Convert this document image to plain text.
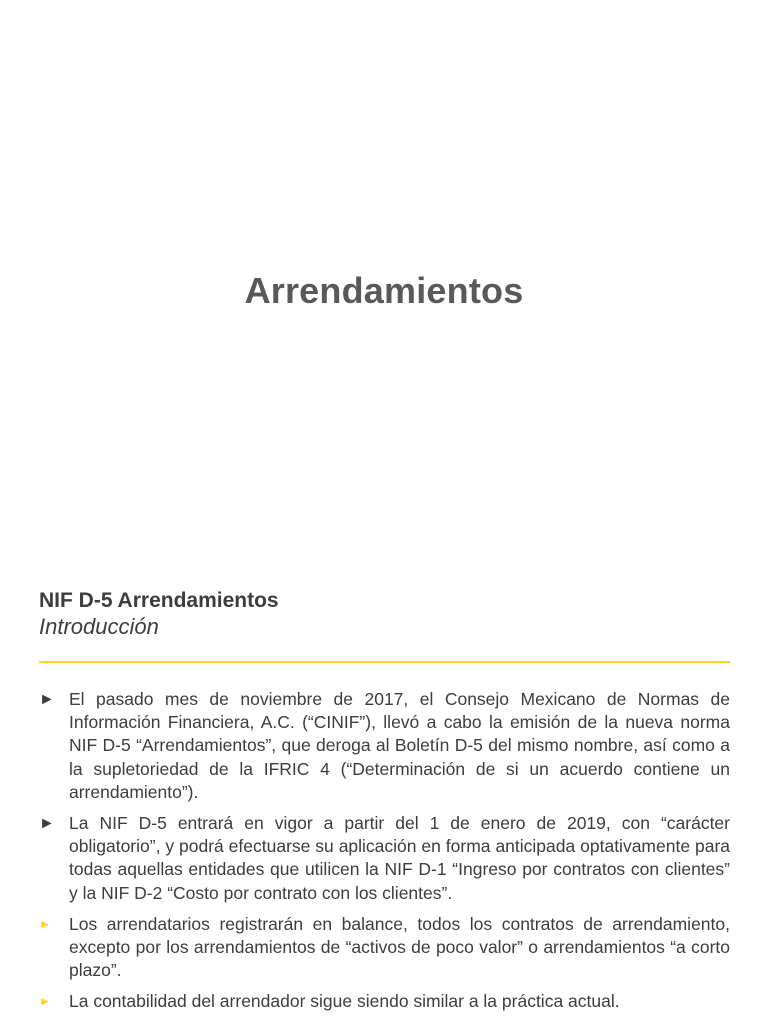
Arrendamientos
NIF D-5 Arrendamientos
Introducción
► El pasado mes de noviembre de 2017, el Consejo Mexicano de Normas de Información Financiera, A.C. (“CINIF”), llevó a cabo la emisión de la nueva norma NIF D-5 “Arrendamientos”, que deroga al Boletín D-5 del mismo nombre, así como a la supletoriedad de la IFRIC 4 (“Determinación de si un acuerdo contiene un arrendamiento”).
► La NIF D-5 entrará en vigor a partir del 1 de enero de 2019, con “carácter obligatorio”, y podrá efectuarse su aplicación en forma anticipada optativamente para todas aquellas entidades que utilicen la NIF D-1 “Ingreso por contratos con clientes” y la NIF D-2 “Costo por contrato con los clientes”.
► Los arrendatarios registrarán en balance, todos los contratos de arrendamiento, excepto por los arrendamientos de “activos de poco valor” o arrendamientos “a corto plazo”.
► La contabilidad del arrendador sigue siendo similar a la práctica actual.
